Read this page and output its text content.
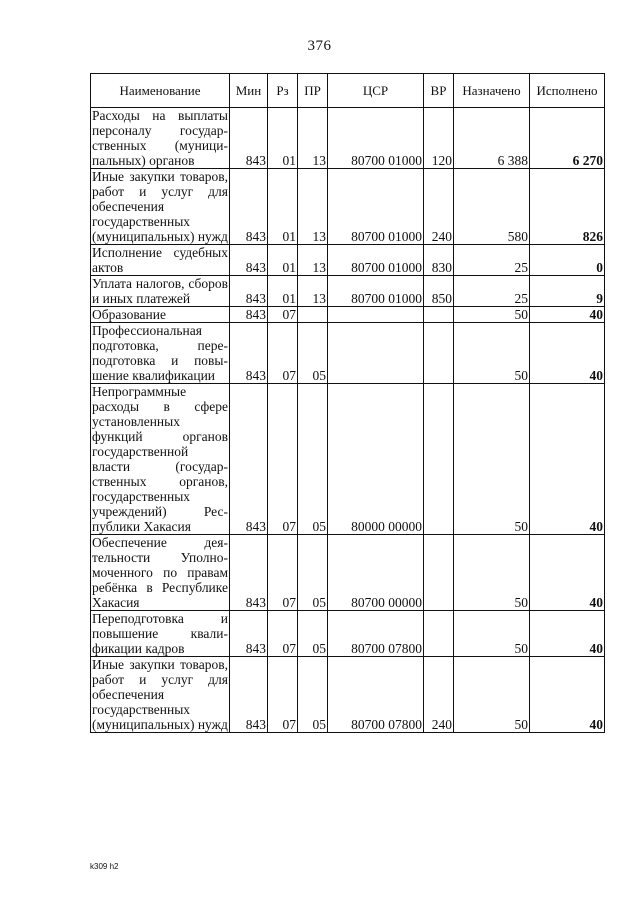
376
Наименование	Мин	Рз	ПР	ЦСР	ВР	Назначено	Исполнено
Расходы на выплаты персоналу государственных (муниципальных) органов	843	01	13	80700 01000	120	6 388	6 270
Иные закупки товаров, работ и услуг для обеспечения государственных (муниципальных) нужд	843	01	13	80700 01000	240	580	826
Исполнение судебных актов	843	01	13	80700 01000	830	25	0
Уплата налогов, сборов и иных платежей	843	01	13	80700 01000	850	25	9
Образование	843	07				50	40
Профессиональная подготовка, переподготовка и повышение квалификации	843	07	05			50	40
Непрограммные расходы в сфере установленных функций органов государственной власти (государственных органов, государственных учреждений) Республики Хакасия	843	07	05	80000 00000		50	40
Обеспечение деятельности Уполномоченного по правам ребёнка в Республике Хакасия	843	07	05	80700 00000		50	40
Переподготовка и повышение квалификации кадров	843	07	05	80700 07800		50	40
Иные закупки товаров, работ и услуг для обеспечения государственных (муниципальных) нужд	843	07	05	80700 07800	240	50	40
k309 h2
